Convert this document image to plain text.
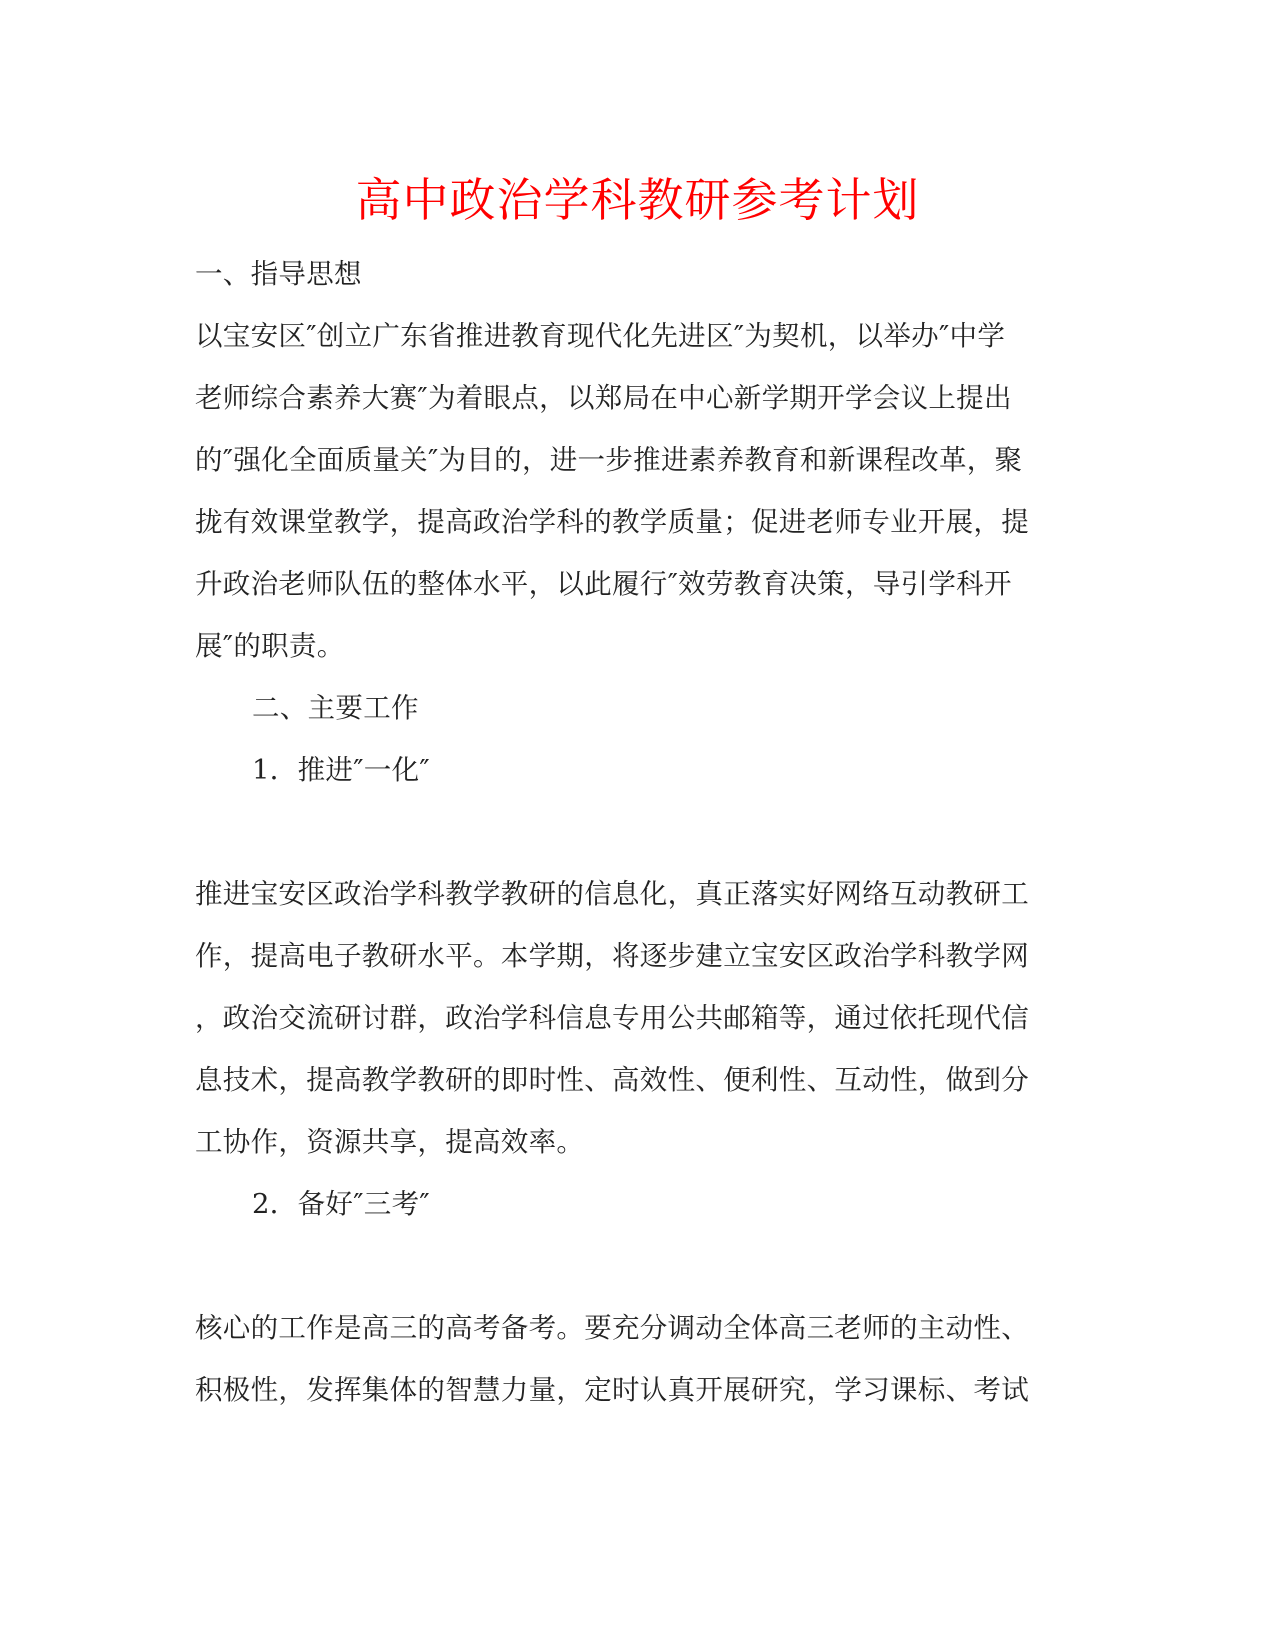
高中政治学科教研参考计划
一、指导思想
以宝安区″创立广东省推进教育现代化先进区″为契机，以举办″中学
老师综合素养大赛″为着眼点，以郑局在中心新学期开学会议上提出
的″强化全面质量关″为目的，进一步推进素养教育和新课程改革，聚
拢有效课堂教学，提高政治学科的教学质量；促进老师专业开展，提
升政治老师队伍的整体水平，以此履行″效劳教育决策，导引学科开
展″的职责。
二、主要工作
1．推进″一化″
推进宝安区政治学科教学教研的信息化，真正落实好网络互动教研工
作，提高电子教研水平。本学期，将逐步建立宝安区政治学科教学网
，政治交流研讨群，政治学科信息专用公共邮箱等，通过依托现代信
息技术，提高教学教研的即时性、高效性、便利性、互动性，做到分
工协作，资源共享，提高效率。
2．备好″三考″
核心的工作是高三的高考备考。要充分调动全体高三老师的主动性、
积极性，发挥集体的智慧力量，定时认真开展研究，学习课标、考试
